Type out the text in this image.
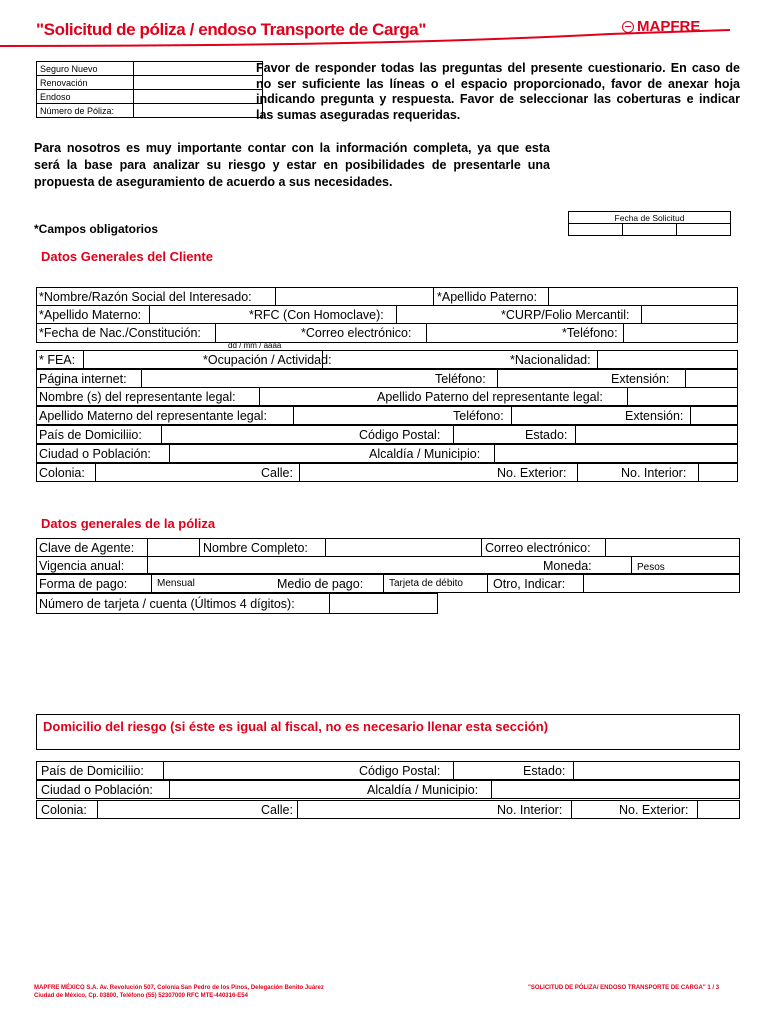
"Solicitud de póliza / endoso Transporte de Carga"	MAPFRE
Seguro Nuevo	
Renovación	
Endoso	
Número de Póliza:	
Favor de responder todas las preguntas del presente cuestionario. En caso de no ser suficiente las líneas o el espacio proporcionado, favor de anexar hoja indicando pregunta y respuesta. Favor de seleccionar las coberturas e indicar las sumas aseguradas requeridas.
Para nosotros es muy importante contar con la información completa, ya que esta será la base para analizar su riesgo y estar en posibilidades de presentarle una propuesta de aseguramiento de acuerdo a sus necesidades.
*Campos obligatorios
Fecha de Solicitud

Datos Generales del Cliente
*Nombre/Razón Social del Interesado:	*Apellido Paterno:
*Apellido Materno:	*RFC (Con Homoclave):	*CURP/Folio Mercantil:
*Fecha de Nac./Constitución:	*Correo electrónico:	*Teléfono:
dd / mm / aaaa
* FEA:	*Ocupación / Actividad:	*Nacionalidad:
Página internet:	Teléfono:	Extensión:
Nombre (s) del representante legal:	Apellido Paterno del representante legal:
Apellido Materno del representante legal:	Teléfono:	Extensión:
País de Domiciliio:	Código Postal:	Estado:
Ciudad o Población:	Alcaldía / Municipio:
Colonia:	Calle:	No. Exterior:	No. Interior:
Datos generales de la póliza
Clave de Agente:	Nombre Completo:	Correo electrónico:
Vigencia anual:	Moneda:	Pesos
Forma de pago:	Mensual	Medio de pago:	Tarjeta de débito Otro, Indicar:
Número de tarjeta / cuenta (Últimos 4 dígitos):
Domicilio del riesgo (si éste es igual al fiscal, no es necesario llenar esta sección)
País de Domiciliio:	Código Postal:	Estado:
Ciudad o Población:	Alcaldía / Municipio:
Colonia:	Calle:	No. Interior:	No. Exterior:
MAPFRE MÉXICO S.A. Av. Revolución 507, Colonia San Pedro de los Pinos, Delegación Benito Juárez
Ciudad de México, Cp. 03800, Teléfono (55) 52307000 RFC MTE-440316-E54
"SOLICITUD DE PÓLIZA/ ENDOSO TRANSPORTE DE CARGA" 1 / 3
